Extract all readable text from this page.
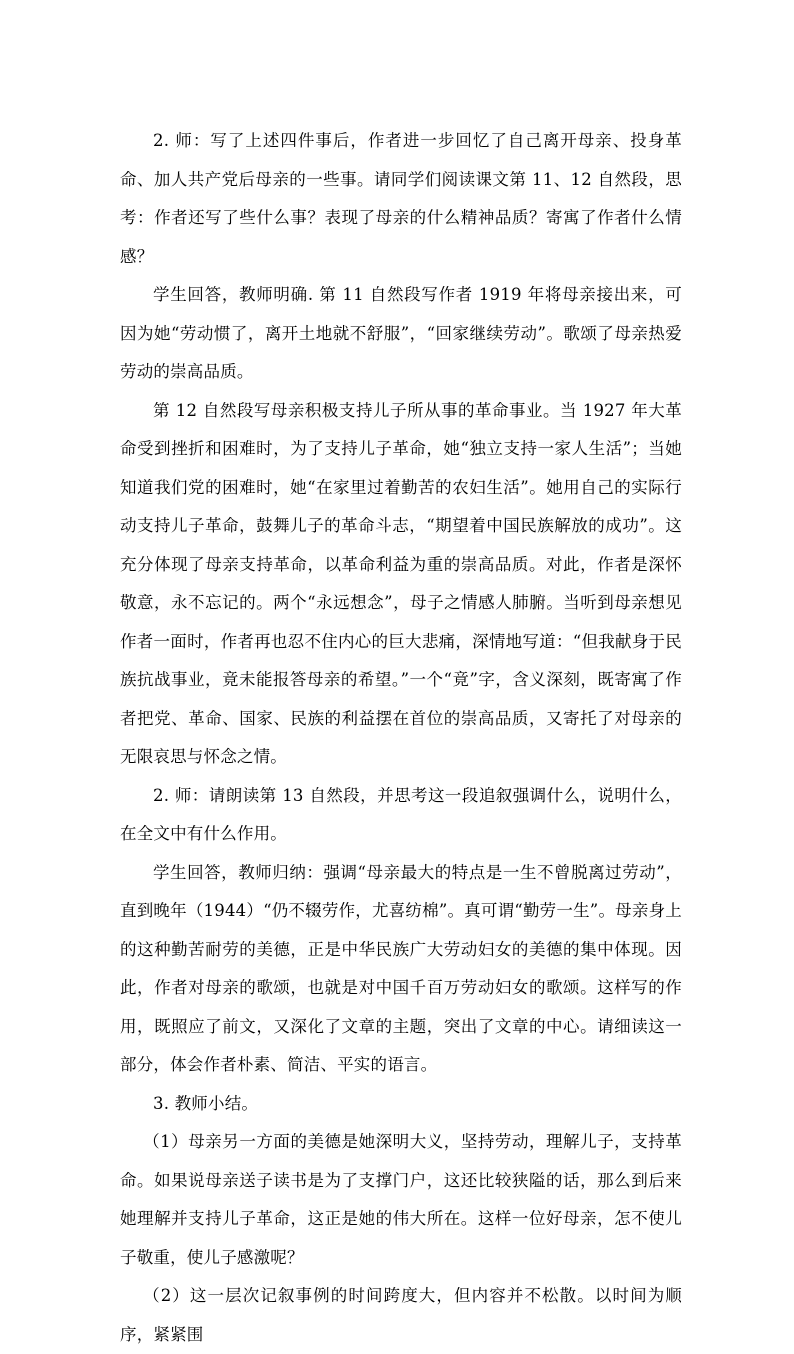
2. 师：写了上述四件事后，作者进一步回忆了自己离开母亲、投身革命、加人共产党后母亲的一些事。请同学们阅读课文第 11、12 自然段，思考：作者还写了些什么事？表现了母亲的什么精神品质？寄寓了作者什么情感？

学生回答，教师明确. 第 11 自然段写作者 1919 年将母亲接出来，可因为她“劳动惯了，离开土地就不舒服”，“回家继续劳动”。歌颂了母亲热爱劳动的崇高品质。

第 12 自然段写母亲积极支持儿子所从事的革命事业。当 1927 年大革命受到挫折和困难时，为了支持儿子革命，她“独立支持一家人生活”；当她知道我们党的困难时，她“在家里过着勤苦的农妇生活”。她用自己的实际行动支持儿子革命，鼓舞儿子的革命斗志，“期望着中国民族解放的成功”。这充分体现了母亲支持革命，以革命利益为重的崇高品质。对此，作者是深怀敬意，永不忘记的。两个“永远想念”，母子之情感人肺腑。当听到母亲想见作者一面时，作者再也忍不住内心的巨大悲痛，深情地写道：“但我献身于民族抗战事业，竟未能报答母亲的希望。”一个“竟”字，含义深刻，既寄寓了作者把党、革命、国家、民族的利益摆在首位的崇高品质，又寄托了对母亲的无限哀思与怀念之情。

2. 师：请朗读第 13 自然段，并思考这一段追叙强调什么，说明什么，在全文中有什么作用。

学生回答，教师归纳：强调“母亲最大的特点是一生不曾脱离过劳动”，直到晚年（1944）“仍不辍劳作，尤喜纺棉”。真可谓“勤劳一生”。母亲身上的这种勤苦耐劳的美德，正是中华民族广大劳动妇女的美德的集中体现。因此，作者对母亲的歌颂，也就是对中国千百万劳动妇女的歌颂。这样写的作用，既照应了前文，又深化了文章的主题，突出了文章的中心。请细读这一部分，体会作者朴素、简洁、平实的语言。

3. 教师小结。

（1）母亲另一方面的美德是她深明大义，坚持劳动，理解儿子，支持革命。如果说母亲送子读书是为了支撑门户，这还比较狭隘的话，那么到后来她理解并支持儿子革命，这正是她的伟大所在。这样一位好母亲，怎不使儿子敬重，使儿子感激呢？

（2）这一层次记叙事例的时间跨度大，但内容并不松散。以时间为顺序，紧紧围
